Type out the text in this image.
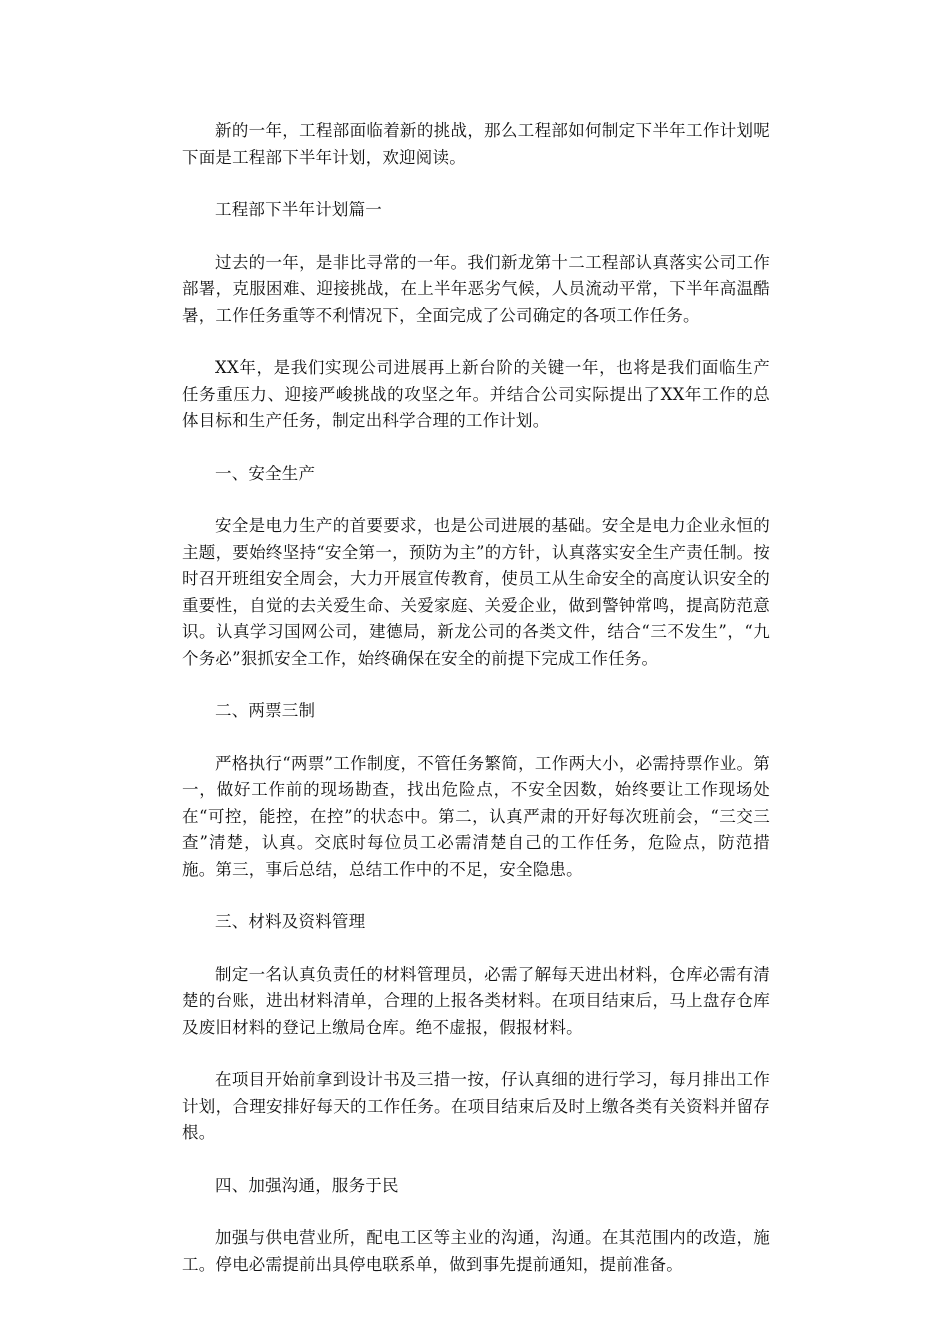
新的一年，工程部面临着新的挑战，那么工程部如何制定下半年工作计划呢下面是工程部下半年计划，欢迎阅读。

工程部下半年计划篇一

过去的一年，是非比寻常的一年。我们新龙第十二工程部认真落实公司工作部署，克服困难、迎接挑战，在上半年恶劣气候，人员流动平常，下半年高温酷暑，工作任务重等不利情况下，全面完成了公司确定的各项工作任务。

XX年，是我们实现公司进展再上新台阶的关键一年，也将是我们面临生产任务重压力、迎接严峻挑战的攻坚之年。并结合公司实际提出了XX年工作的总体目标和生产任务，制定出科学合理的工作计划。

一、安全生产

安全是电力生产的首要要求，也是公司进展的基础。安全是电力企业永恒的主题，要始终坚持“安全第一，预防为主”的方针，认真落实安全生产责任制。按时召开班组安全周会，大力开展宣传教育，使员工从生命安全的高度认识安全的重要性，自觉的去关爱生命、关爱家庭、关爱企业，做到警钟常鸣，提高防范意识。认真学习国网公司，建德局，新龙公司的各类文件，结合“三不发生”，“九个务必”狠抓安全工作，始终确保在安全的前提下完成工作任务。

二、两票三制

严格执行“两票”工作制度，不管任务繁简，工作两大小，必需持票作业。第一，做好工作前的现场勘查，找出危险点，不安全因数，始终要让工作现场处在“可控，能控，在控”的状态中。第二，认真严肃的开好每次班前会，“三交三查”清楚，认真。交底时每位员工必需清楚自己的工作任务，危险点，防范措施。第三，事后总结，总结工作中的不足，安全隐患。

三、材料及资料管理

制定一名认真负责任的材料管理员，必需了解每天进出材料，仓库必需有清楚的台账，进出材料清单，合理的上报各类材料。在项目结束后，马上盘存仓库及废旧材料的登记上缴局仓库。绝不虚报，假报材料。

在项目开始前拿到设计书及三措一按，仔认真细的进行学习，每月排出工作计划，合理安排好每天的工作任务。在项目结束后及时上缴各类有关资料并留存根。

四、加强沟通，服务于民

加强与供电营业所，配电工区等主业的沟通，沟通。在其范围内的改造，施工。停电必需提前出具停电联系单，做到事先提前通知，提前准备。
